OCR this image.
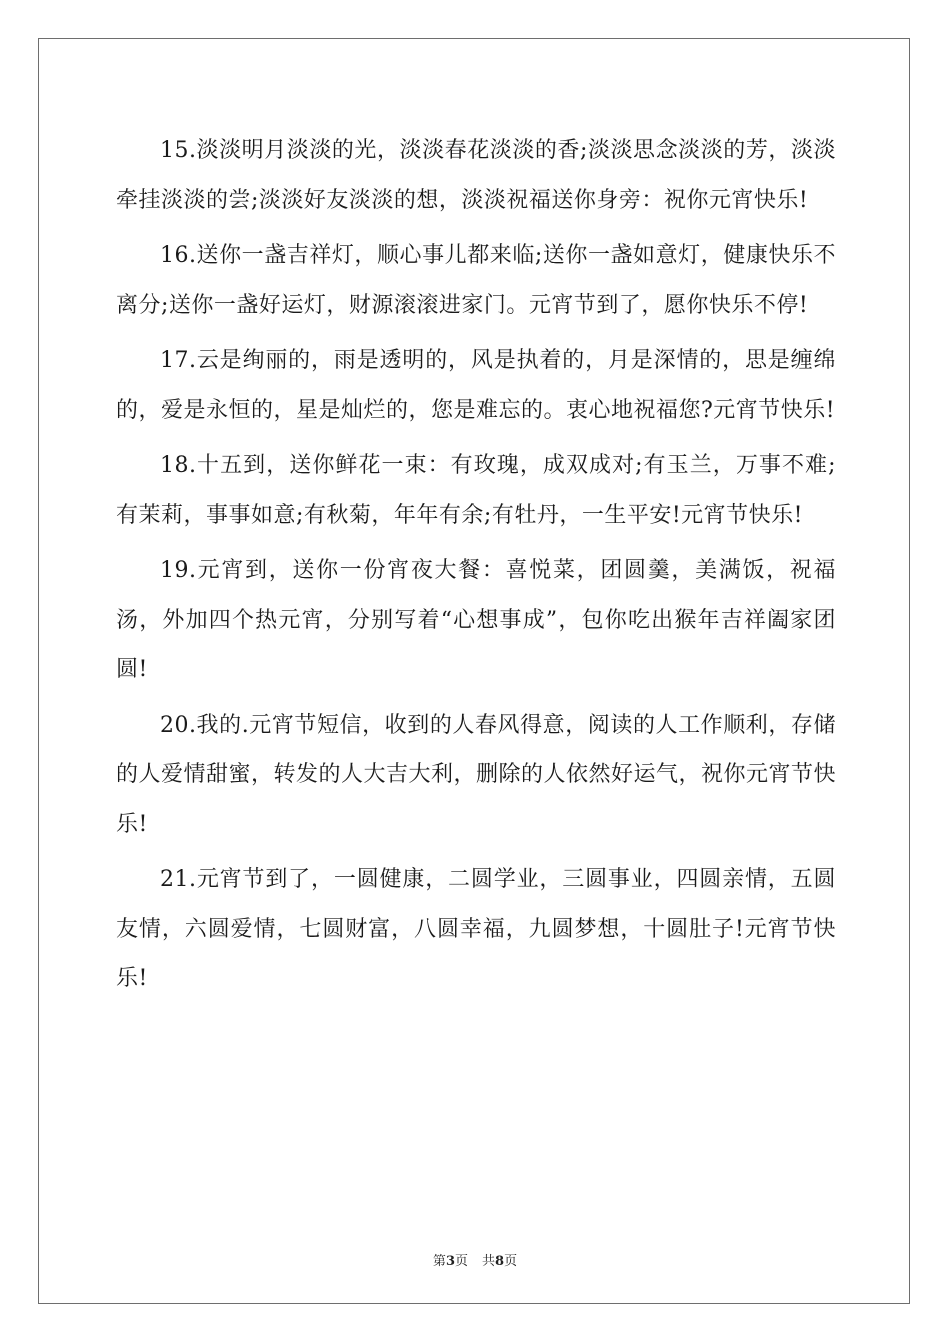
15.淡淡明月淡淡的光，淡淡春花淡淡的香;淡淡思念淡淡的芳，淡淡牵挂淡淡的尝;淡淡好友淡淡的想，淡淡祝福送你身旁：祝你元宵快乐!

16.送你一盏吉祥灯，顺心事儿都来临;送你一盏如意灯，健康快乐不离分;送你一盏好运灯，财源滚滚进家门。元宵节到了，愿你快乐不停!

17.云是绚丽的，雨是透明的，风是执着的，月是深情的，思是缠绵的，爱是永恒的，星是灿烂的，您是难忘的。衷心地祝福您?元宵节快乐!

18.十五到，送你鲜花一束：有玫瑰，成双成对;有玉兰，万事不难;有茉莉，事事如意;有秋菊，年年有余;有牡丹，一生平安!元宵节快乐!

19.元宵到，送你一份宵夜大餐：喜悦菜，团圆羹，美满饭，祝福汤，外加四个热元宵，分别写着“心想事成”，包你吃出猴年吉祥阖家团圆!

20.我的.元宵节短信，收到的人春风得意，阅读的人工作顺利，存储的人爱情甜蜜，转发的人大吉大利，删除的人依然好运气，祝你元宵节快乐!

21.元宵节到了，一圆健康，二圆学业，三圆事业，四圆亲情，五圆友情，六圆爱情，七圆财富，八圆幸福，九圆梦想，十圆肚子!元宵节快乐!

第3页 共8页
